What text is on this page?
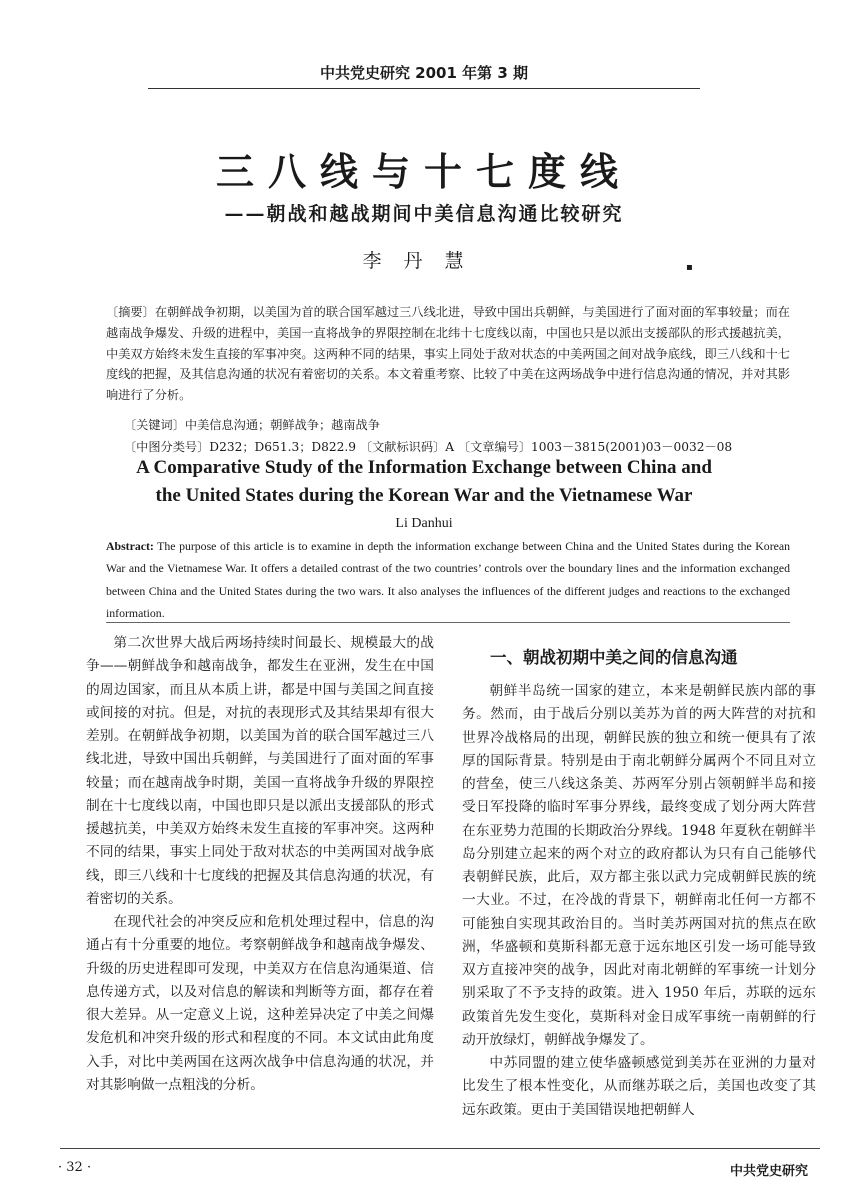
中共党史研究 2001 年第 3 期
三八线与十七度线
——朝战和越战期间中美信息沟通比较研究
李丹慧	▪
〔摘要〕在朝鲜战争初期，以美国为首的联合国军越过三八线北进，导致中国出兵朝鲜，与美国进行了面对面的军事较量；而在越南战争爆发、升级的进程中，美国一直将战争的界限控制在北纬十七度线以南，中国也只是以派出支援部队的形式援越抗美，中美双方始终未发生直接的军事冲突。这两种不同的结果，事实上同处于敌对状态的中美两国之间对战争底线，即三八线和十七度线的把握，及其信息沟通的状况有着密切的关系。本文着重考察、比较了中美在这两场战争中进行信息沟通的情况，并对其影响进行了分析。
〔关键词〕中美信息沟通；朝鲜战争；越南战争
〔中图分类号〕D232；D651.3；D822.9 〔文献标识码〕A 〔文章编号〕1003－3815(2001)03－0032－08
A Comparative Study of the Information Exchange between China and
the United States during the Korean War and the Vietnamese War
Li Danhui
Abstract: The purpose of this article is to examine in depth the information exchange between China and the United States during the Korean War and the Vietnamese War. It offers a detailed contrast of the two countries’ controls over the boundary lines and the information exchanged between China and the United States during the two wars. It also analyses the influences of the different judges and reactions to the exchanged information.

第二次世界大战后两场持续时间最长、规模最大的战争——朝鲜战争和越南战争，都发生在亚洲，发生在中国的周边国家，而且从本质上讲，都是中国与美国之间直接或间接的对抗。但是，对抗的表现形式及其结果却有很大差别。在朝鲜战争初期，以美国为首的联合国军越过三八线北进，导致中国出兵朝鲜，与美国进行了面对面的军事较量；而在越南战争时期，美国一直将战争升级的界限控制在十七度线以南，中国也即只是以派出支援部队的形式援越抗美，中美双方始终未发生直接的军事冲突。这两种不同的结果，事实上同处于敌对状态的中美两国对战争底线，即三八线和十七度线的把握及其信息沟通的状况，有着密切的关系。

在现代社会的冲突反应和危机处理过程中，信息的沟通占有十分重要的地位。考察朝鲜战争和越南战争爆发、升级的历史进程即可发现，中美双方在信息沟通渠道、信息传递方式，以及对信息的解读和判断等方面，都存在着很大差异。从一定意义上说，这种差异决定了中美之间爆发危机和冲突升级的形式和程度的不同。本文试由此角度入手，对比中美两国在这两次战争中信息沟通的状况，并对其影响做一点粗浅的分析。

一、朝战初期中美之间的信息沟通

朝鲜半岛统一国家的建立，本来是朝鲜民族内部的事务。然而，由于战后分别以美苏为首的两大阵营的对抗和世界冷战格局的出现，朝鲜民族的独立和统一便具有了浓厚的国际背景。特别是由于南北朝鲜分属两个不同且对立的营垒，使三八线这条美、苏两军分别占领朝鲜半岛和接受日军投降的临时军事分界线，最终变成了划分两大阵营在东亚势力范围的长期政治分界线。1948 年夏秋在朝鲜半岛分别建立起来的两个对立的政府都认为只有自己能够代表朝鲜民族，此后，双方都主张以武力完成朝鲜民族的统一大业。不过，在冷战的背景下，朝鲜南北任何一方都不可能独自实现其政治目的。当时美苏两国对抗的焦点在欧洲，华盛顿和莫斯科都无意于远东地区引发一场可能导致双方直接冲突的战争，因此对南北朝鲜的军事统一计划分别采取了不予支持的政策。进入 1950 年后，苏联的远东政策首先发生变化，莫斯科对金日成军事统一南朝鲜的行动开放绿灯，朝鲜战争爆发了。

中苏同盟的建立使华盛顿感觉到美苏在亚洲的力量对比发生了根本性变化，从而继苏联之后，美国也改变了其远东政策。更由于美国错误地把朝鲜人

· 32 ·	中共党史研究
